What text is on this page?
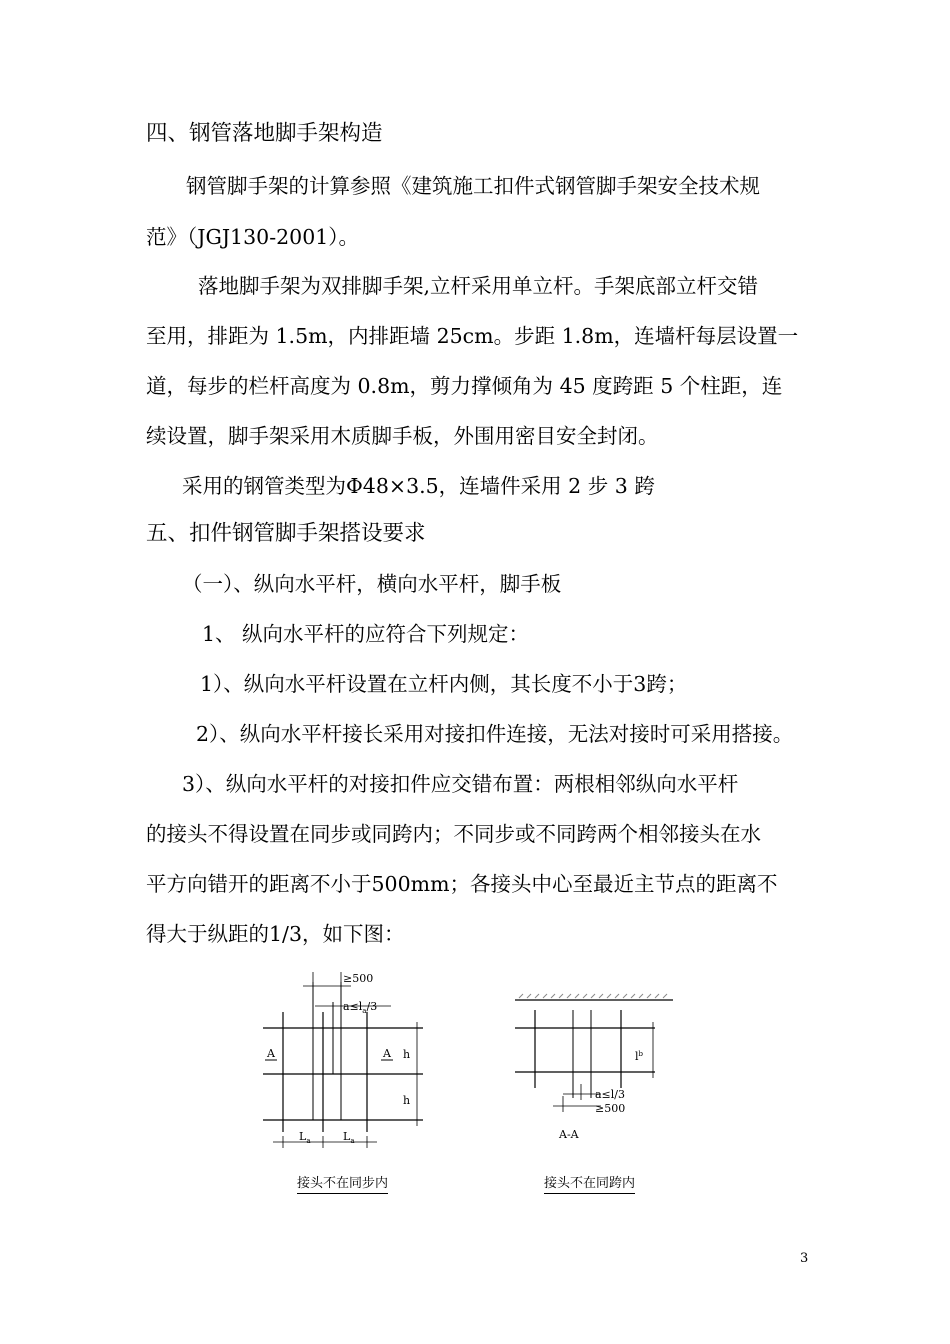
四、钢管落地脚手架构造
钢管脚手架的计算参照《建筑施工扣件式钢管脚手架安全技术规
范》（JGJ130-2001）。
落地脚手架为双排脚手架,立杆采用单立杆。手架底部立杆交错
至用，排距为 1.5m，内排距墙 25cm。步距 1.8m，连墙杆每层设置一
道，每步的栏杆高度为 0.8m，剪力撑倾角为 45 度跨距 5 个柱距，连
续设置，脚手架采用木质脚手板，外围用密目安全封闭。
采用的钢管类型为Φ48×3.5，连墙件采用 2 步 3 跨
五、扣件钢管脚手架搭设要求
（一）、纵向水平杆，横向水平杆，脚手板
1、 纵向水平杆的应符合下列规定：
1）、纵向水平杆设置在立杆内侧，其长度不小于3跨；
2）、纵向水平杆接长采用对接扣件连接，无法对接时可采用搭接。
3）、纵向水平杆的对接扣件应交错布置：两根相邻纵向水平杆
的接头不得设置在同步或同跨内；不同步或不同跨两个相邻接头在水
平方向错开的距离不小于500mm；各接头中心至最近主节点的距离不
得大于纵距的1/3，如下图：
≥500
$a\le l_a/3$
A	A h
h
$L_a$	$L_a$
接头不在同步内
$l^b$
a≤l/3
≥500
A-A
接头不在同跨内
3
